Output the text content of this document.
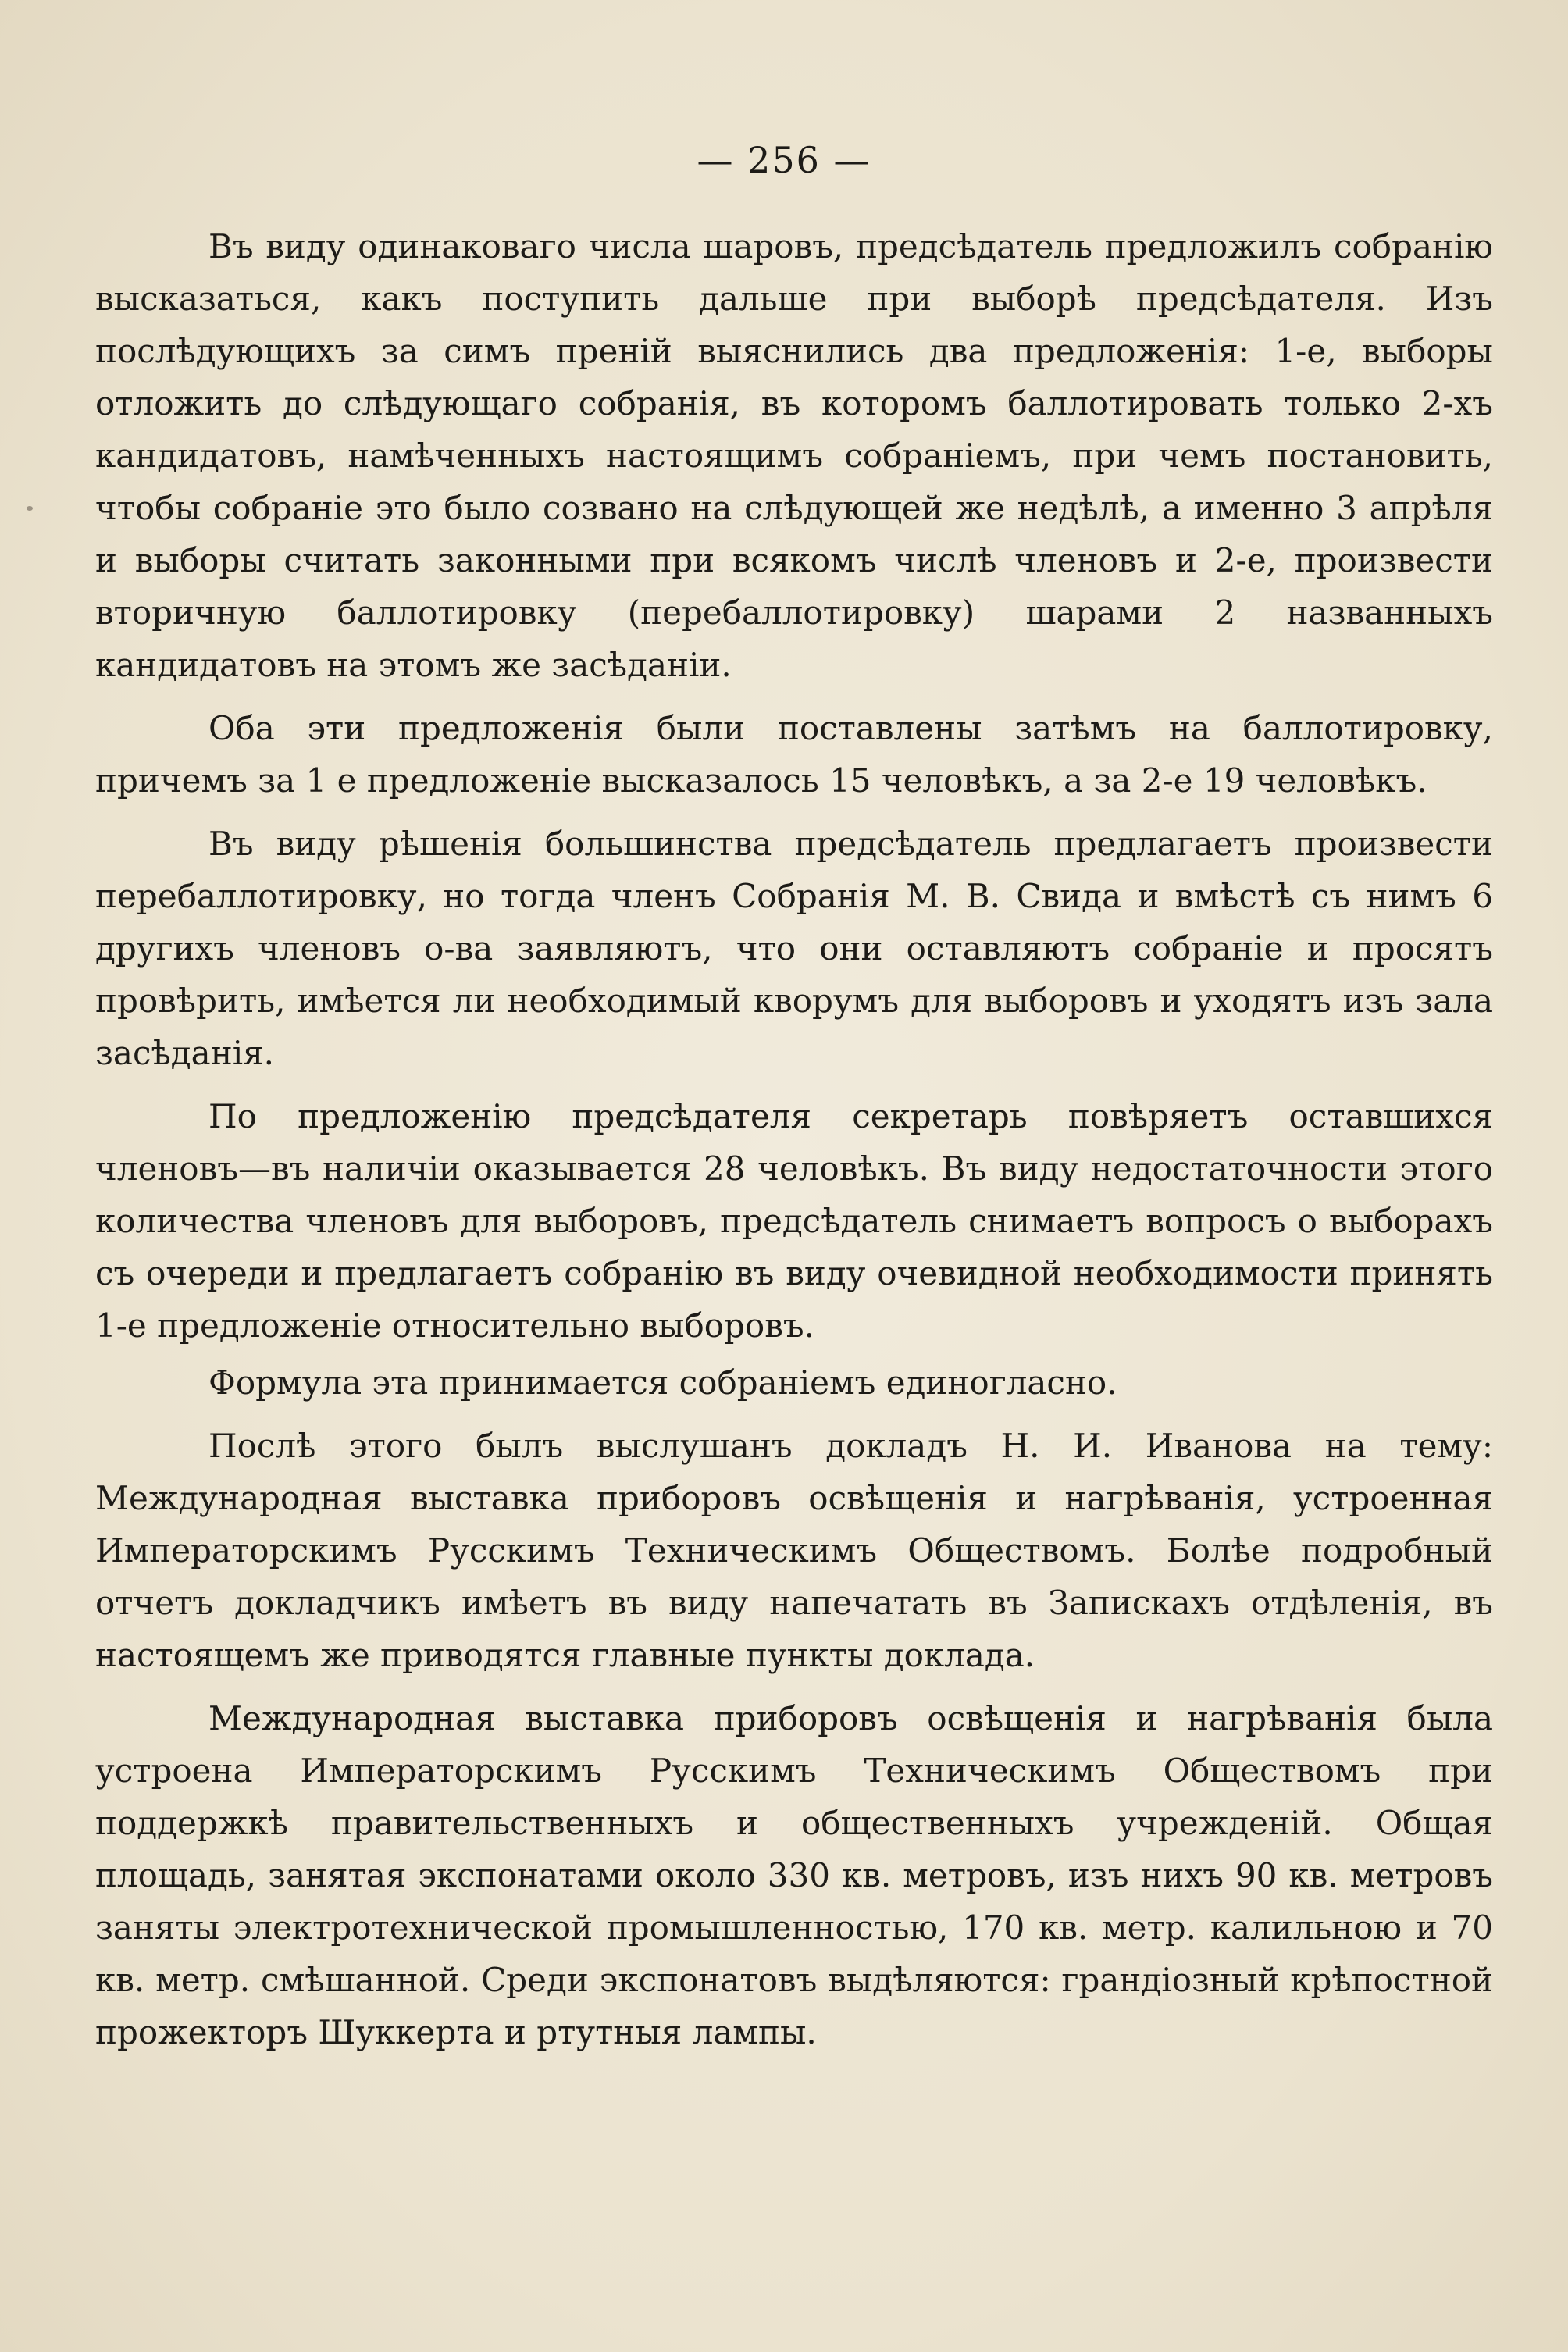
— 256 —

Въ виду одинаковаго числа шаровъ, предсѣдатель предложилъ собранію высказаться, какъ поступить дальше при выборѣ предсѣдателя. Изъ послѣдующихъ за симъ преній выяснились два предложенія: 1-е, выборы отложить до слѣдующаго собранія, въ которомъ баллотировать только 2-хъ кандидатовъ, намѣченныхъ настоящимъ собраніемъ, при чемъ постановить, чтобы собраніе это было созвано на слѣдующей же недѣлѣ, а именно 3 апрѣля и выборы считать законными при всякомъ числѣ членовъ и 2-е, произвести вторичную баллотировку (перебаллотировку) шарами 2 названныхъ кандидатовъ на этомъ же засѣданіи.

Оба эти предложенія были поставлены затѣмъ на баллотировку, причемъ за 1 е предложеніе высказалось 15 человѣкъ, а за 2-е 19 человѣкъ.

Въ виду рѣшенія большинства предсѣдатель предлагаетъ произвести перебаллотировку, но тогда членъ Собранія М. В. Свида и вмѣстѣ съ нимъ 6 другихъ членовъ о-ва заявляютъ, что они оставляютъ собраніе и просятъ провѣрить, имѣется ли необходимый кворумъ для выборовъ и уходятъ изъ зала засѣданія.

По предложенію предсѣдателя секретарь повѣряетъ оставшихся членовъ—въ наличіи оказывается 28 человѣкъ. Въ виду недостаточности этого количества членовъ для выборовъ, предсѣдатель снимаетъ вопросъ о выборахъ съ очереди и предлагаетъ собранію въ виду очевидной необходимости принять 1-е предложеніе относительно выборовъ.

Формула эта принимается собраніемъ единогласно.

Послѣ этого былъ выслушанъ докладъ Н. И. Иванова на тему: Международная выставка приборовъ освѣщенія и нагрѣванія, устроенная Императорскимъ Русскимъ Техническимъ Обществомъ. Болѣе подробный отчетъ докладчикъ имѣетъ въ виду напечатать въ Запискахъ отдѣленія, въ настоящемъ же приводятся главные пункты доклада.

Международная выставка приборовъ освѣщенія и нагрѣванія была устроена Императорскимъ Русскимъ Техническимъ Обществомъ при поддержкѣ правительственныхъ и общественныхъ учрежденій. Общая площадь, занятая экспонатами около 330 кв. метровъ, изъ нихъ 90 кв. метровъ заняты электротехнической промышленностью, 170 кв. метр. калильною и 70 кв. метр. смѣшанной. Среди экспонатовъ выдѣляются: грандіозный крѣпостной прожекторъ Шуккерта и ртутныя лампы.
